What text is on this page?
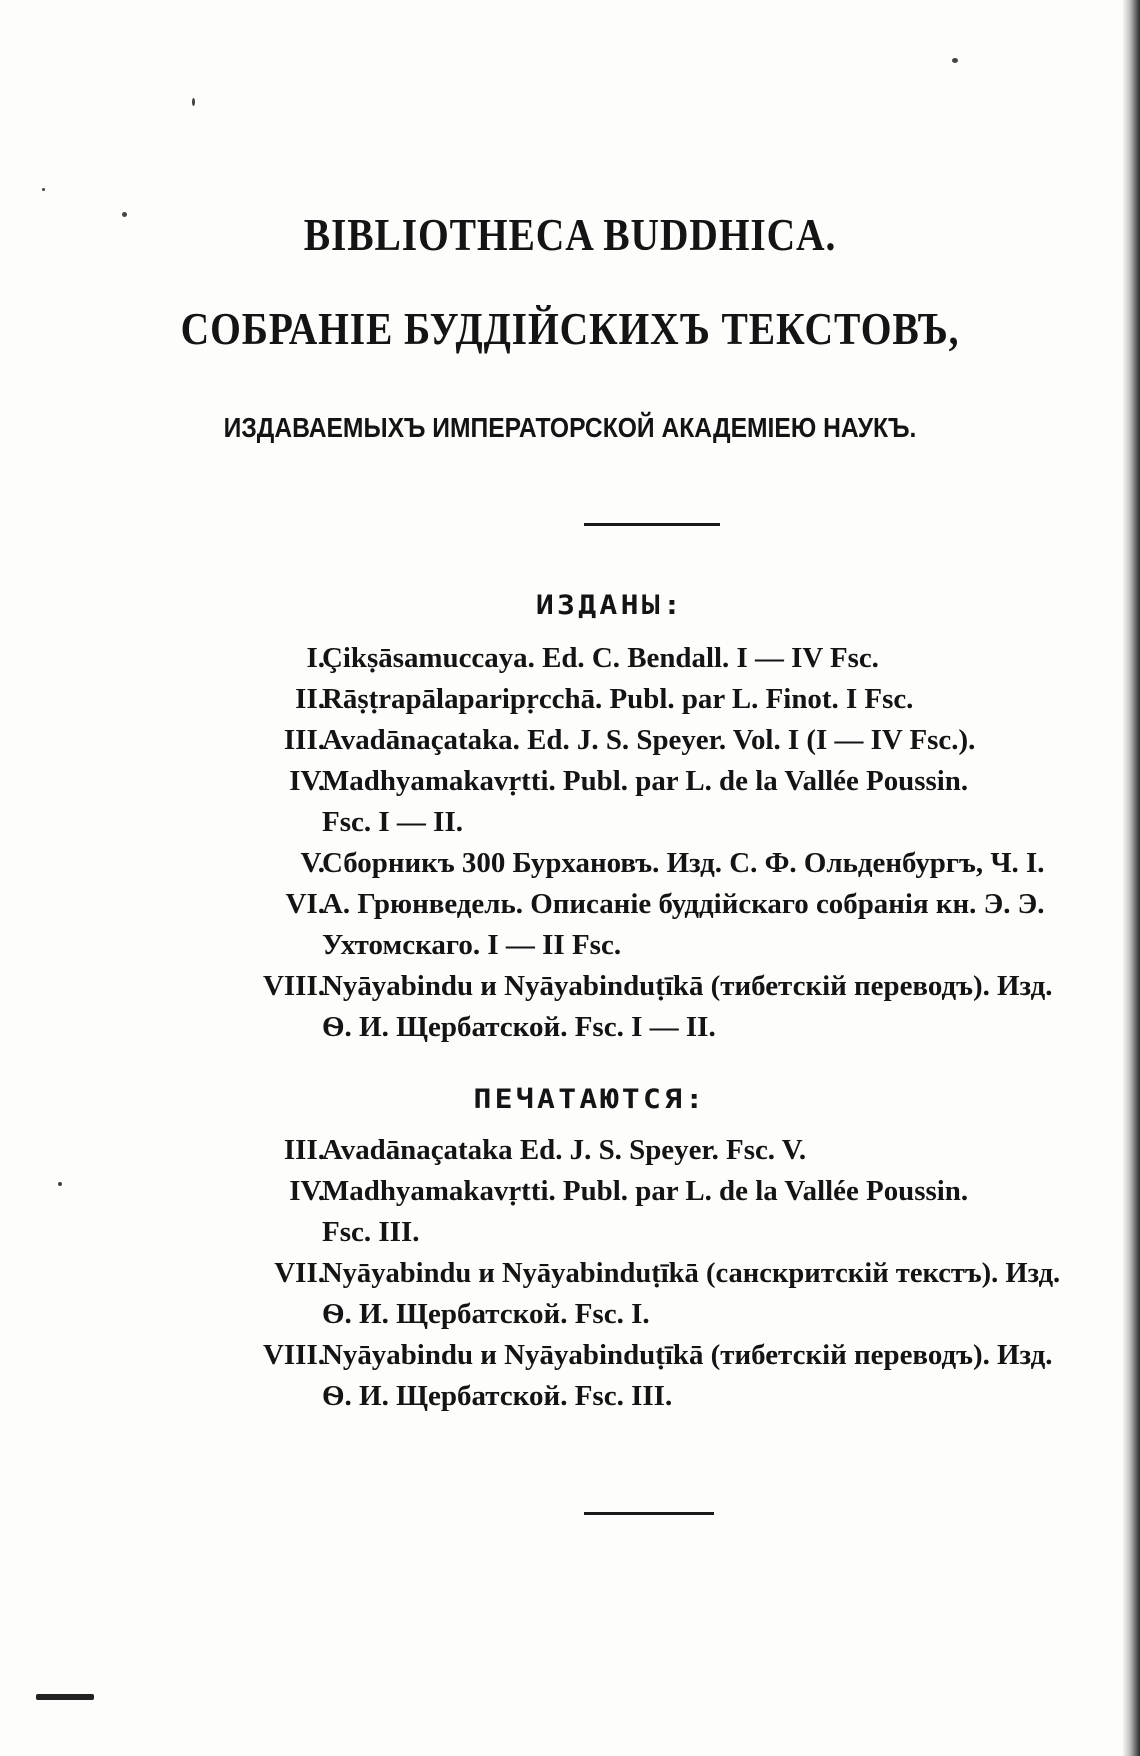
BIBLIOTHECA BUDDHICA.
СОБРАНІЕ БУДДІЙСКИХЪ ТЕКСТОВЪ,
ИЗДАВАЕМЫХЪ ИМПЕРАТОРСКОЙ АКАДЕМІЕЮ НАУКЪ.
ИЗДАНЫ:
I.
Çikṣāsamuccaya. Ed. C. Bendall. I — IV Fsc.
II.
Rāṣṭrapālaparipṛcchā. Publ. par L. Finot. I Fsc.
III.
Avadānaçataka. Ed. J. S. Speyer. Vol. I (I — IV Fsc.).
IV.
Madhyamakavṛtti. Publ. par L. de la Vallée Poussin.
Fsc. I — II.
V.
Сборникъ 300 Бурхановъ. Изд. С. Ф. Ольденбургъ, Ч. I.
VI.
А. Грюнведель. Описаніе буддійскаго собранія кн. Э. Э.
Ухтомскаго. I — II Fsc.
VIII.
Nyāyabindu и Nyāyabinduṭīkā (тибетскій переводъ). Изд.
Ѳ. И. Щербатской. Fsc. I — II.
ПЕЧАТАЮТСЯ:
III.
Avadānaçataka Ed. J. S. Speyer. Fsc. V.
IV.
Madhyamakavṛtti. Publ. par L. de la Vallée Poussin.
Fsc. III.
VII.
Nyāyabindu и Nyāyabinduṭīkā (санскритскій текстъ). Изд.
Ѳ. И. Щербатской. Fsc. I.
VIII.
Nyāyabindu и Nyāyabinduṭīkā (тибетскій переводъ). Изд.
Ѳ. И. Щербатской. Fsc. III.
